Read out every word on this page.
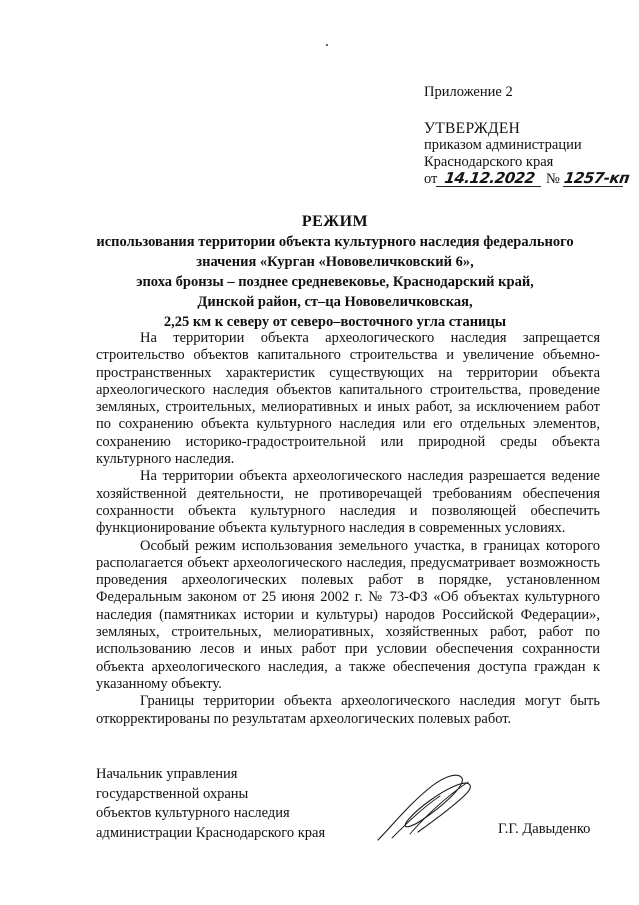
Приложение 2
УТВЕРЖДЕН
приказом администрации
Краснодарского края
от 14.12.2022 № 1257-кп
РЕЖИМ
использования территории объекта культурного наследия федерального
значения «Курган «Нововеличковский 6»,
эпоха бронзы – позднее средневековье, Краснодарский край,
Динской район, ст–ца Нововеличковская,
2,25 км к северу от северо–восточного угла станицы

На территории объекта археологического наследия запрещается строительство объектов капитального строительства и увеличение объемно-пространственных характеристик существующих на территории объекта археологического наследия объектов капитального строительства, проведение земляных, строительных, мелиоративных и иных работ, за исключением работ по сохранению объекта культурного наследия или его отдельных элементов, сохранению историко-градостроительной или природной среды объекта культурного наследия.

На территории объекта археологического наследия разрешается ведение хозяйственной деятельности, не противоречащей требованиям обеспечения сохранности объекта культурного наследия и позволяющей обеспечить функционирование объекта культурного наследия в современных условиях.

Особый режим использования земельного участка, в границах которого располагается объект археологического наследия, предусматривает возможность проведения археологических полевых работ в порядке, установленном Федеральным законом от 25 июня 2002 г. № 73-ФЗ «Об объектах культурного наследия (памятниках истории и культуры) народов Российской Федерации», земляных, строительных, мелиоративных, хозяйственных работ, работ по использованию лесов и иных работ при условии обеспечения сохранности объекта археологического наследия, а также обеспечения доступа граждан к указанному объекту.

Границы территории объекта археологического наследия могут быть откорректированы по результатам археологических полевых работ.

Начальник управления
государственной охраны
объектов культурного наследия
администрации Краснодарского края	Г.Г. Давыденко
